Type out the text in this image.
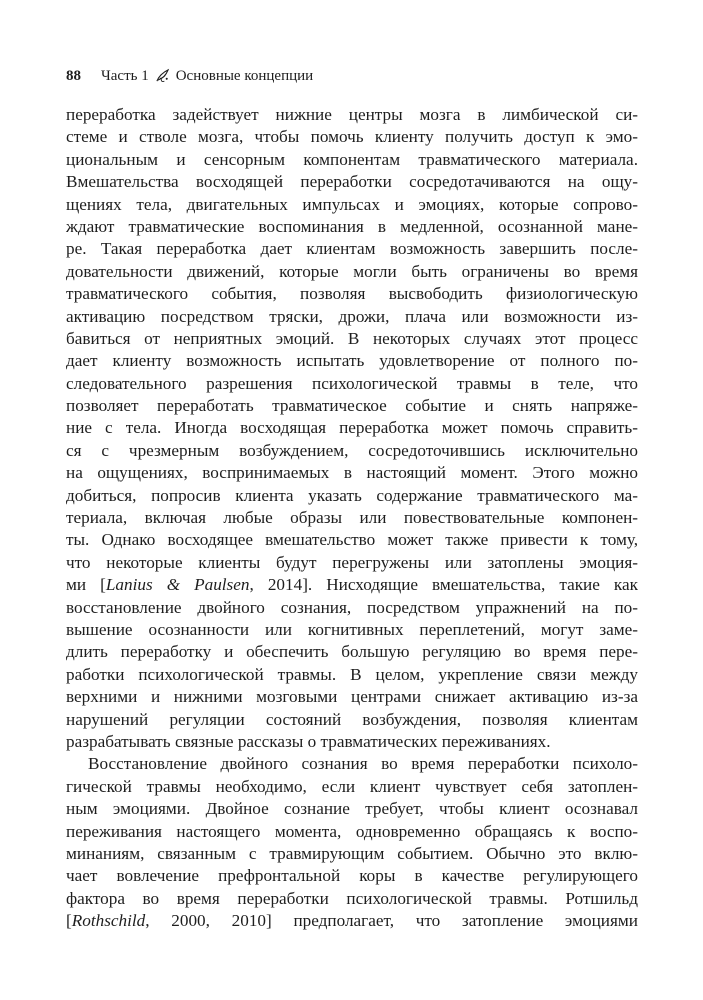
88 Часть 1 Основные концепции
переработка задействует нижние центры мозга в лимбической си-
стеме и стволе мозга, чтобы помочь клиенту получить доступ к эмо-
циональным и сенсорным компонентам травматического материала.
Вмешательства восходящей переработки сосредотачиваются на ощу-
щениях тела, двигательных импульсах и эмоциях, которые сопрово-
ждают травматические воспоминания в медленной, осознанной мане-
ре. Такая переработка дает клиентам возможность завершить после-
довательности движений, которые могли быть ограничены во время
травматического события, позволяя высвободить физиологическую
активацию посредством тряски, дрожи, плача или возможности из-
бавиться от неприятных эмоций. В некоторых случаях этот процесс
дает клиенту возможность испытать удовлетворение от полного по-
следовательного разрешения психологической травмы в теле, что
позволяет переработать травматическое событие и снять напряже-
ние с тела. Иногда восходящая переработка может помочь справить-
ся с чрезмерным возбуждением, сосредоточившись исключительно
на ощущениях, воспринимаемых в настоящий момент. Этого можно
добиться, попросив клиента указать содержание травматического ма-
териала, включая любые образы или повествовательные компонен-
ты. Однако восходящее вмешательство может также привести к тому,
что некоторые клиенты будут перегружены или затоплены эмоция-
ми [Lanius & Paulsen, 2014]. Нисходящие вмешательства, такие как
восстановление двойного сознания, посредством упражнений на по-
вышение осознанности или когнитивных переплетений, могут замe-
длить переработку и обеспечить большую регуляцию во время пере-
работки психологической травмы. В целом, укрепление связи между
верхними и нижними мозговыми центрами снижает активацию из-за
нарушений регуляции состояний возбуждения, позволяя клиентам
разрабатывать связные рассказы о травматических переживаниях.
Восстановление двойного сознания во время переработки психоло-
гической травмы необходимо, если клиент чувствует себя затоплен-
ным эмоциями. Двойное сознание требует, чтобы клиент осознавал
переживания настоящего момента, одновременно обращаясь к воспо-
минаниям, связанным с травмирующим событием. Обычно это вклю-
чает вовлечение префронтальной коры в качестве регулирующего
фактора во время переработки психологической травмы. Ротшильд
[Rothschild, 2000, 2010] предполагает, что затопление эмоциями
